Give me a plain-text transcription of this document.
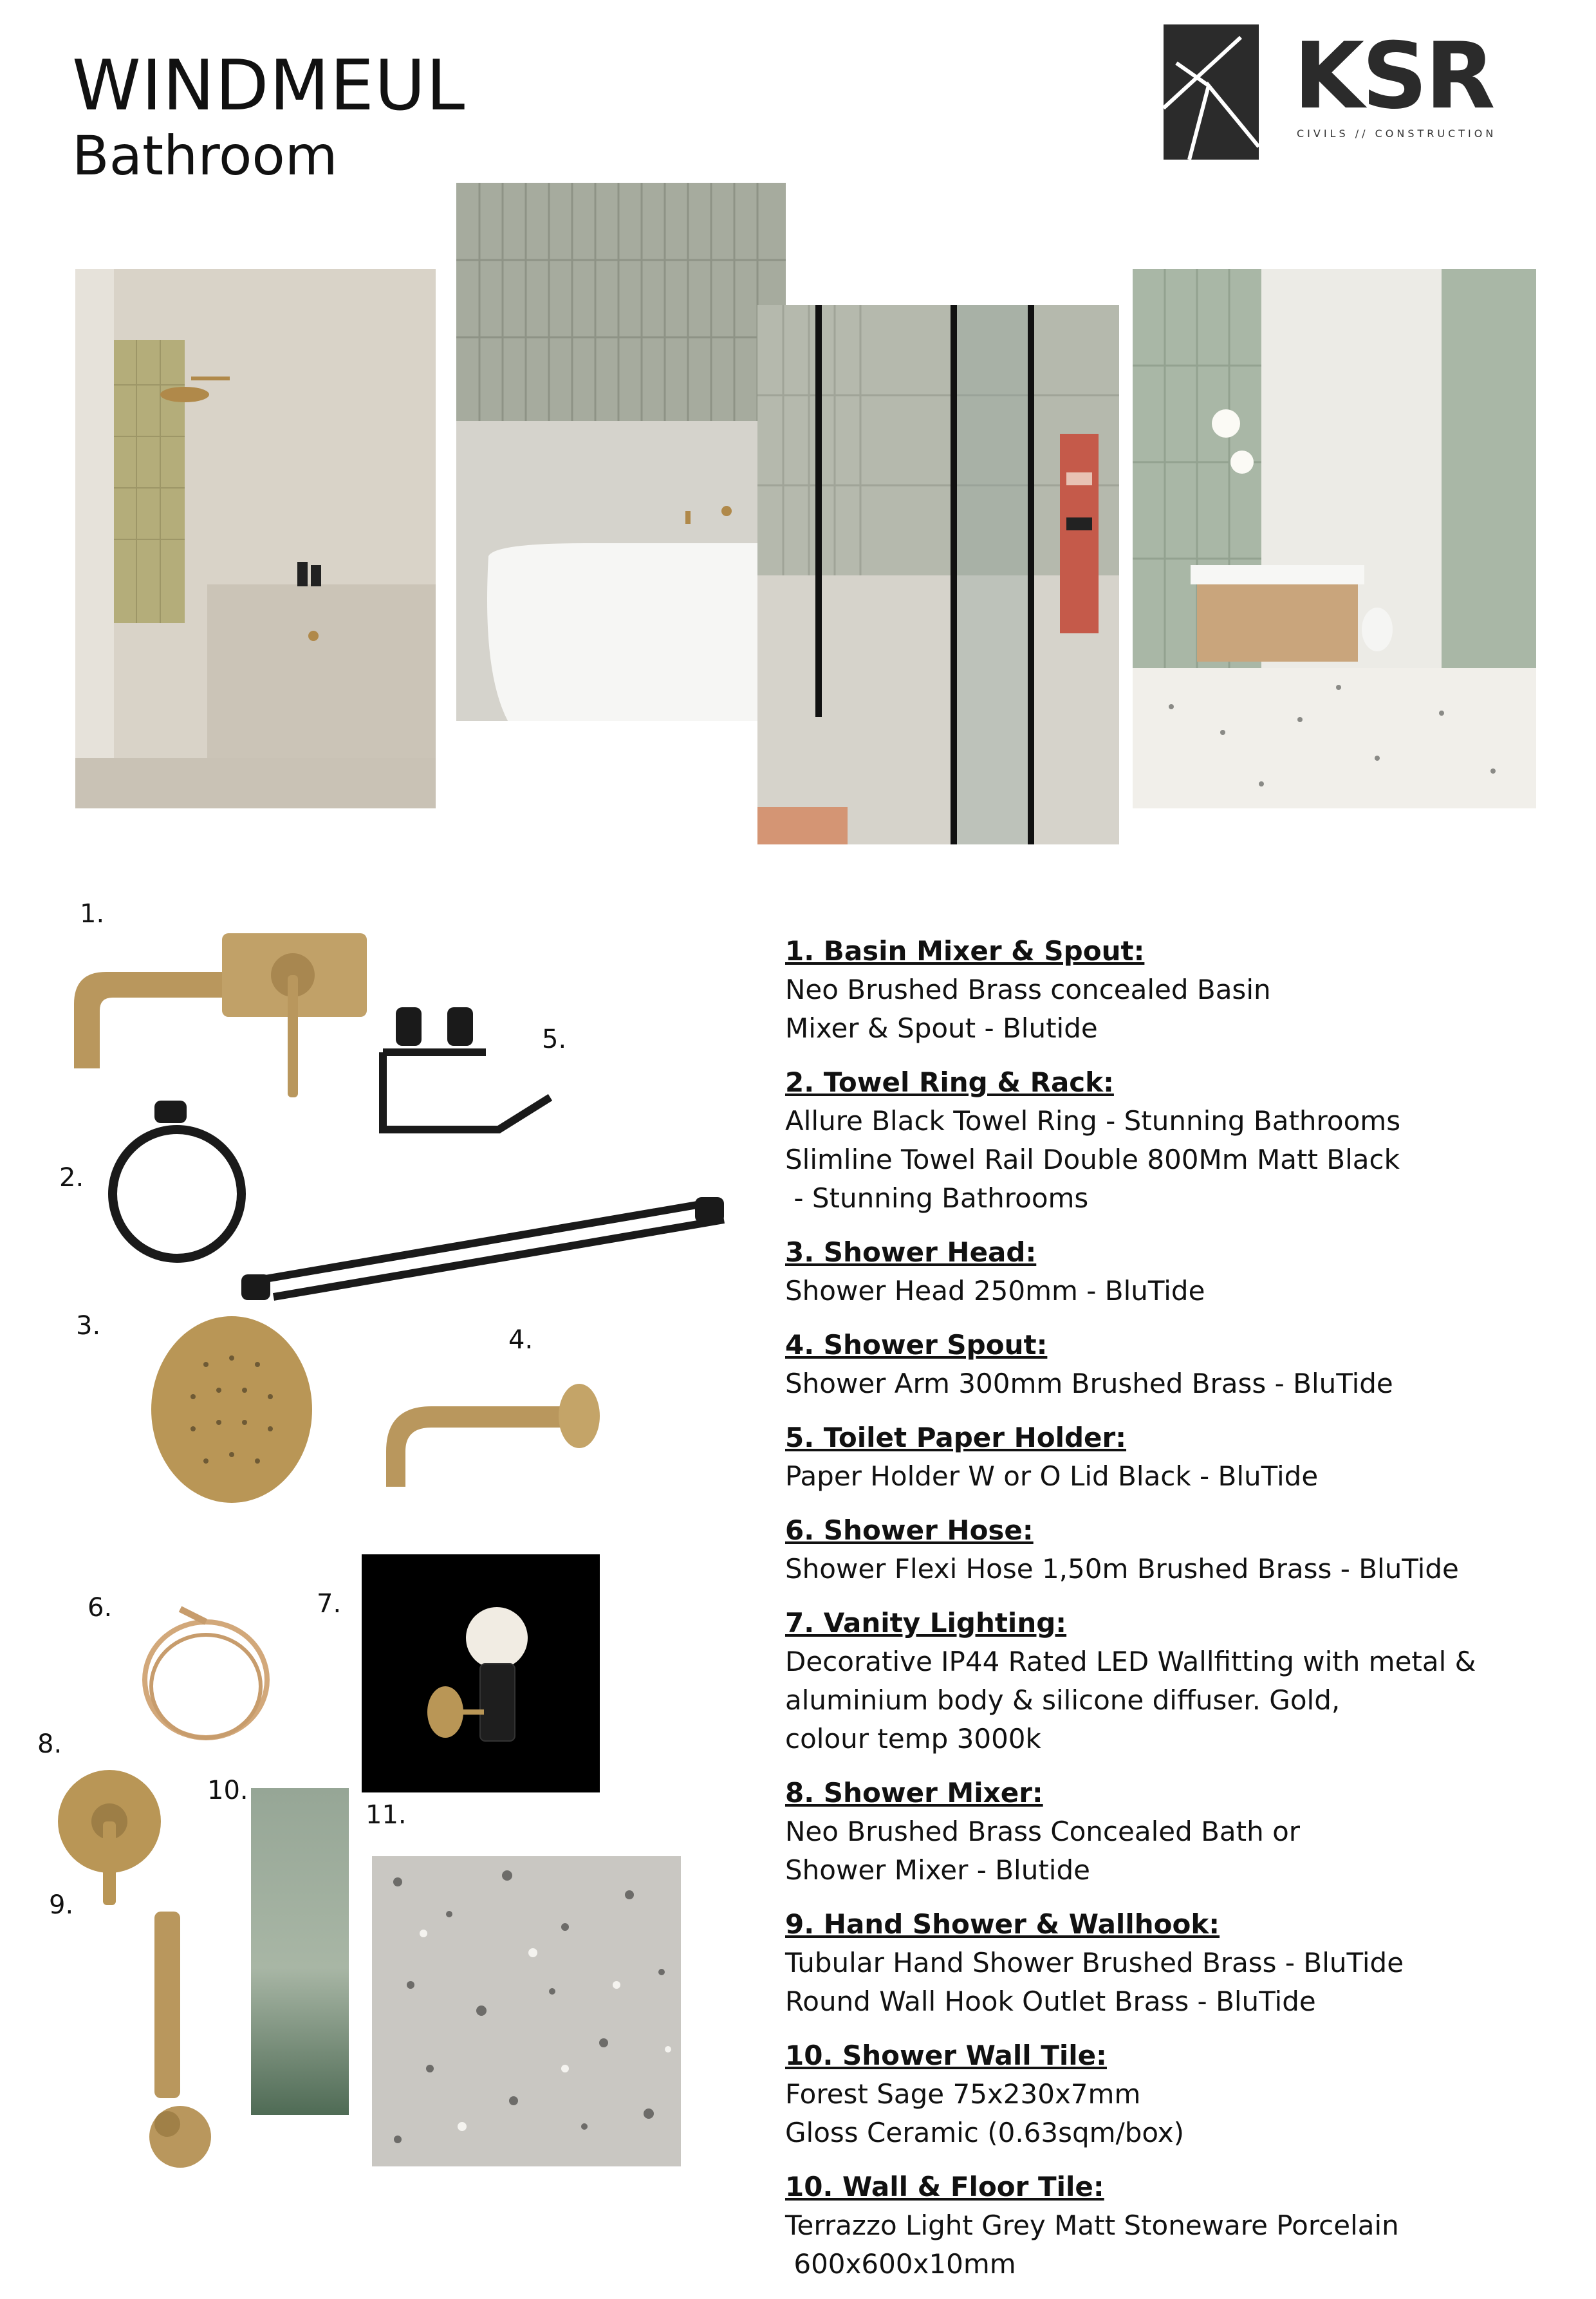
WINDMEUL
Bathroom
KSR
CIVILS // CONSTRUCTION
1.
2.
3.	4.
5.
6.	7.
8.
9.
10.
11.
1. Basin Mixer & Spout:
Neo Brushed Brass concealed Basin
Mixer & Spout - Blutide
2. Towel Ring & Rack:
Allure Black Towel Ring - Stunning Bathrooms
Slimline Towel Rail Double 800Mm Matt Black
- Stunning Bathrooms
3. Shower Head:
Shower Head 250mm - BluTide
4. Shower Spout:
Shower Arm 300mm Brushed Brass - BluTide
5. Toilet Paper Holder:
Paper Holder W or O Lid Black - BluTide
6. Shower Hose:
Shower Flexi Hose 1,50m Brushed Brass - BluTide
7. Vanity Lighting:
Decorative IP44 Rated LED Wallfitting with metal &
aluminium body & silicone diffuser. Gold,
colour temp 3000k
8. Shower Mixer:
Neo Brushed Brass Concealed Bath or
Shower Mixer - Blutide
9. Hand Shower & Wallhook:
Tubular Hand Shower Brushed Brass - BluTide
Round Wall Hook Outlet Brass - BluTide
10. Shower Wall Tile:
Forest Sage 75x230x7mm
Gloss Ceramic (0.63sqm/box)
10. Wall & Floor Tile:
Terrazzo Light Grey Matt Stoneware Porcelain
600x600x10mm
